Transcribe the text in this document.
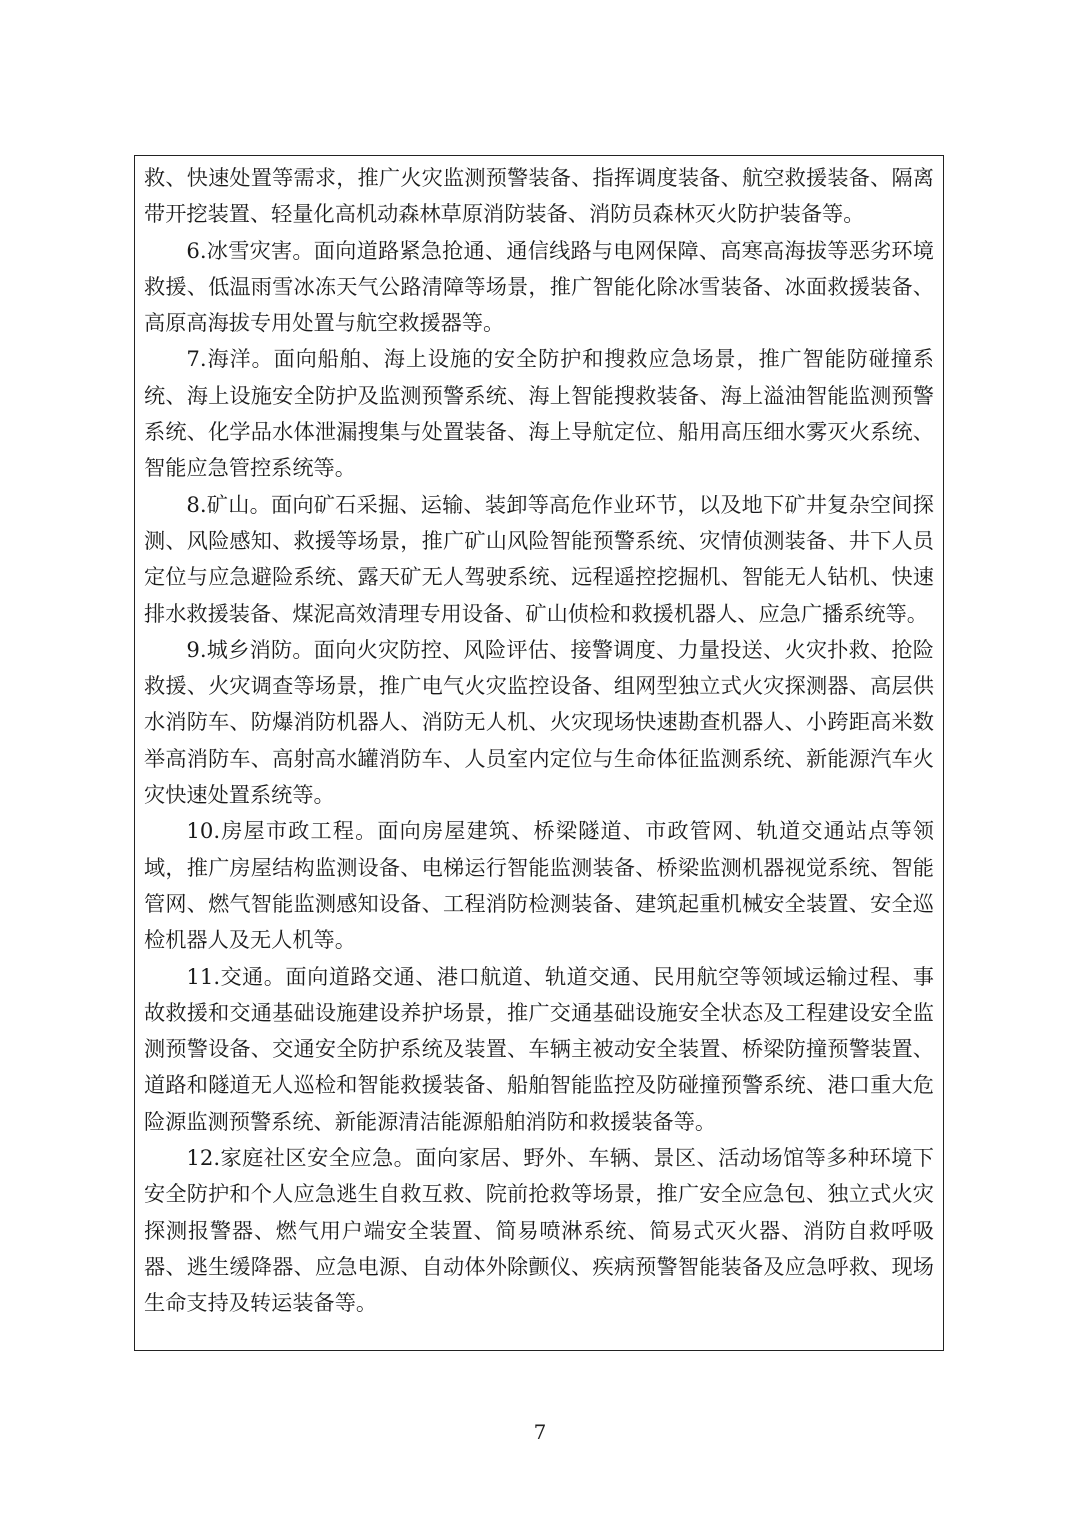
救、快速处置等需求，推广火灾监测预警装备、指挥调度装备、航空救援装备、隔离带开挖装置、轻量化高机动森林草原消防装备、消防员森林灭火防护装备等。

6.冰雪灾害。面向道路紧急抢通、通信线路与电网保障、高寒高海拔等恶劣环境救援、低温雨雪冰冻天气公路清障等场景，推广智能化除冰雪装备、冰面救援装备、高原高海拔专用处置与航空救援器等。

7.海洋。面向船舶、海上设施的安全防护和搜救应急场景，推广智能防碰撞系统、海上设施安全防护及监测预警系统、海上智能搜救装备、海上溢油智能监测预警系统、化学品水体泄漏搜集与处置装备、海上导航定位、船用高压细水雾灭火系统、智能应急管控系统等。

8.矿山。面向矿石采掘、运输、装卸等高危作业环节，以及地下矿井复杂空间探测、风险感知、救援等场景，推广矿山风险智能预警系统、灾情侦测装备、井下人员定位与应急避险系统、露天矿无人驾驶系统、远程遥控挖掘机、智能无人钻机、快速排水救援装备、煤泥高效清理专用设备、矿山侦检和救援机器人、应急广播系统等。

9.城乡消防。面向火灾防控、风险评估、接警调度、力量投送、火灾扑救、抢险救援、火灾调查等场景，推广电气火灾监控设备、组网型独立式火灾探测器、高层供水消防车、防爆消防机器人、消防无人机、火灾现场快速勘查机器人、小跨距高米数举高消防车、高射高水罐消防车、人员室内定位与生命体征监测系统、新能源汽车火灾快速处置系统等。

10.房屋市政工程。面向房屋建筑、桥梁隧道、市政管网、轨道交通站点等领域，推广房屋结构监测设备、电梯运行智能监测装备、桥梁监测机器视觉系统、智能管网、燃气智能监测感知设备、工程消防检测装备、建筑起重机械安全装置、安全巡检机器人及无人机等。

11.交通。面向道路交通、港口航道、轨道交通、民用航空等领域运输过程、事故救援和交通基础设施建设养护场景，推广交通基础设施安全状态及工程建设安全监测预警设备、交通安全防护系统及装置、车辆主被动安全装置、桥梁防撞预警装置、道路和隧道无人巡检和智能救援装备、船舶智能监控及防碰撞预警系统、港口重大危险源监测预警系统、新能源清洁能源船舶消防和救援装备等。

12.家庭社区安全应急。面向家居、野外、车辆、景区、活动场馆等多种环境下安全防护和个人应急逃生自救互救、院前抢救等场景，推广安全应急包、独立式火灾探测报警器、燃气用户端安全装置、简易喷淋系统、简易式灭火器、消防自救呼吸器、逃生缓降器、应急电源、自动体外除颤仪、疾病预警智能装备及应急呼救、现场生命支持及转运装备等。

7
